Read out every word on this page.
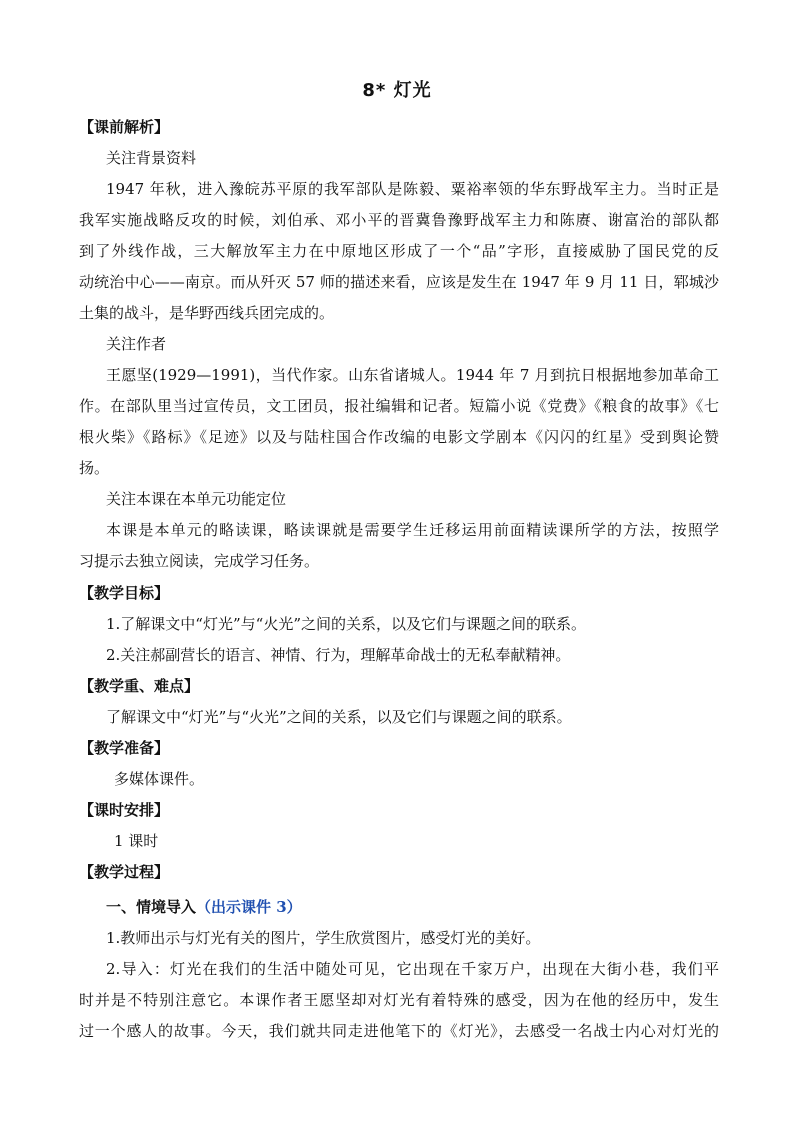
8* 灯光
【课前解析】
关注背景资料
1947 年秋，进入豫皖苏平原的我军部队是陈毅、粟裕率领的华东野战军主力。当时正是
我军实施战略反攻的时候，刘伯承、邓小平的晋冀鲁豫野战军主力和陈赓、谢富治的部队都
到了外线作战，三大解放军主力在中原地区形成了一个“品”字形，直接威胁了国民党的反
动统治中心——南京。而从歼灭 57 师的描述来看，应该是发生在 1947 年 9 月 11 日，郓城沙
土集的战斗，是华野西线兵团完成的。
关注作者
王愿坚(1929—1991)，当代作家。山东省诸城人。1944 年 7 月到抗日根据地参加革命工
作。在部队里当过宣传员，文工团员，报社编辑和记者。短篇小说《党费》《粮食的故事》《七
根火柴》《路标》《足迹》以及与陆柱国合作改编的电影文学剧本《闪闪的红星》受到舆论赞
扬。
关注本课在本单元功能定位
本课是本单元的略读课，略读课就是需要学生迁移运用前面精读课所学的方法，按照学
习提示去独立阅读，完成学习任务。
【教学目标】
1.了解课文中“灯光”与“火光”之间的关系，以及它们与课题之间的联系。
2.关注郝副营长的语言、神情、行为，理解革命战士的无私奉献精神。
【教学重、难点】
了解课文中“灯光”与“火光”之间的关系，以及它们与课题之间的联系。
【教学准备】
多媒体课件。
【课时安排】
1 课时
【教学过程】
一、情境导入（出示课件 3）
1.教师出示与灯光有关的图片，学生欣赏图片，感受灯光的美好。
2.导入：灯光在我们的生活中随处可见，它出现在千家万户，出现在大街小巷，我们平
时并是不特别注意它。本课作者王愿坚却对灯光有着特殊的感受，因为在他的经历中，发生
过一个感人的故事。今天，我们就共同走进他笔下的《灯光》，去感受一名战士内心对灯光的
